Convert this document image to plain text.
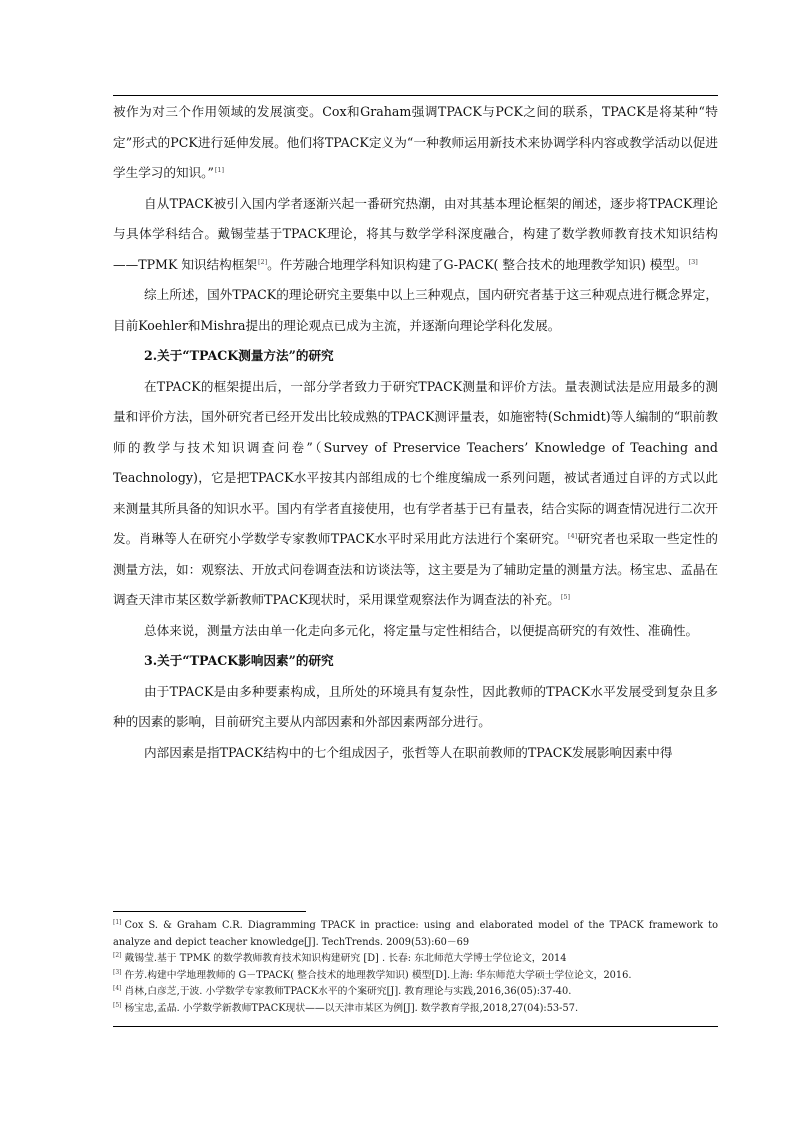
被作为对三个作用领域的发展演变。Cox和Graham强调TPACK与PCK之间的联系，TPACK是将某种“特定”形式的PCK进行延伸发展。他们将TPACK定义为“一种教师运用新技术来协调学科内容或教学活动以促进学生学习的知识。”[1]

自从TPACK被引入国内学者逐渐兴起一番研究热潮，由对其基本理论框架的阐述，逐步将TPACK理论与具体学科结合。戴锡莹基于TPACK理论，将其与数学学科深度融合，构建了数学教师教育技术知识结构——TPMK 知识结构框架[2]。仵芳融合地理学科知识构建了G-PACK( 整合技术的地理教学知识) 模型。[3]

综上所述，国外TPACK的理论研究主要集中以上三种观点，国内研究者基于这三种观点进行概念界定，目前Koehler和Mishra提出的理论观点已成为主流，并逐渐向理论学科化发展。

2.关于“TPACK测量方法”的研究

在TPACK的框架提出后，一部分学者致力于研究TPACK测量和评价方法。量表测试法是应用最多的测量和评价方法，国外研究者已经开发出比较成熟的TPACK测评量表，如施密特(Schmidt)等人编制的“职前教师的教学与技术知识调查问卷”（Survey of Preservice Teachers’ Knowledge of Teaching and Teachnology)，它是把TPACK水平按其内部组成的七个维度编成一系列问题，被试者通过自评的方式以此来测量其所具备的知识水平。国内有学者直接使用，也有学者基于已有量表，结合实际的调查情况进行二次开发。肖琳等人在研究小学数学专家教师TPACK水平时采用此方法进行个案研究。[4]研究者也采取一些定性的测量方法，如：观察法、开放式问卷调查法和访谈法等，这主要是为了辅助定量的测量方法。杨宝忠、孟晶在调查天津市某区数学新教师TPACK现状时，采用课堂观察法作为调查法的补充。[5]

总体来说，测量方法由单一化走向多元化，将定量与定性相结合，以便提高研究的有效性、准确性。

3.关于“TPACK影响因素”的研究

由于TPACK是由多种要素构成，且所处的环境具有复杂性，因此教师的TPACK水平发展受到复杂且多种的因素的影响，目前研究主要从内部因素和外部因素两部分进行。

内部因素是指TPACK结构中的七个组成因子，张哲等人在职前教师的TPACK发展影响因素中得

[1] Cox S. & Graham C.R. Diagramming TPACK in practice: using and elaborated model of the TPACK framework to analyze and depict teacher knowledge[J]. TechTrends. 2009(53):60－69

[2] 戴锡莹.基于 TPMK 的数学教师教育技术知识构建研究 [D] . 长春: 东北师范大学博士学位论文，2014

[3] 仵芳.构建中学地理教师的 G－TPACK( 整合技术的地理教学知识) 模型[D].上海: 华东师范大学硕士学位论文，2016.

[4] 肖林,白彦芝,于波. 小学数学专家教师TPACK水平的个案研究[J]. 教育理论与实践,2016,36(05):37-40.

[5] 杨宝忠,孟晶. 小学数学新教师TPACK现状——以天津市某区为例[J]. 数学教育学报,2018,27(04):53-57.
